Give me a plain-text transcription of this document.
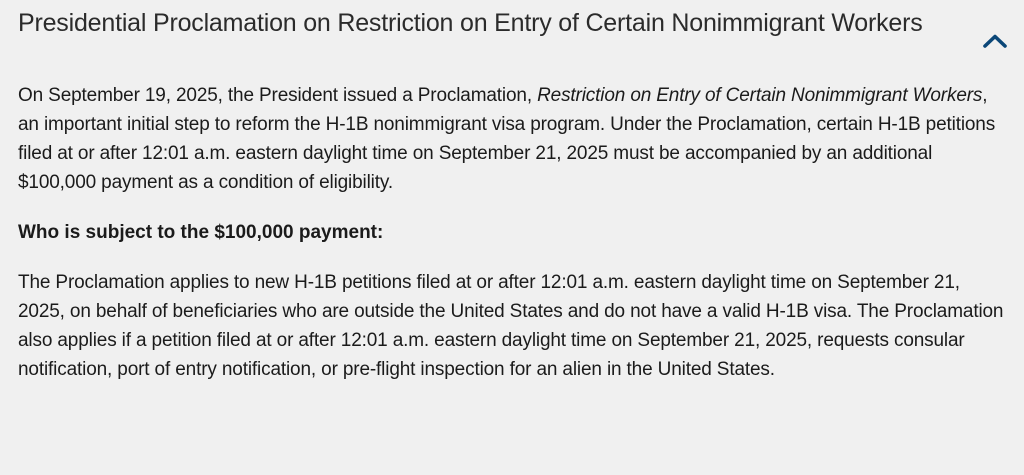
Presidential Proclamation on Restriction on Entry of Certain Nonimmigrant Workers

On September 19, 2025, the President issued a Proclamation, Restriction on Entry of Certain Nonimmigrant Workers, an important initial step to reform the H-1B nonimmigrant visa program. Under the Proclamation, certain H-1B petitions filed at or after 12:01 a.m. eastern daylight time on September 21, 2025 must be accompanied by an additional $100,000 payment as a condition of eligibility.

Who is subject to the $100,000 payment:

The Proclamation applies to new H-1B petitions filed at or after 12:01 a.m. eastern daylight time on September 21, 2025, on behalf of beneficiaries who are outside the United States and do not have a valid H-1B visa. The Proclamation also applies if a petition filed at or after 12:01 a.m. eastern daylight time on September 21, 2025, requests consular notification, port of entry notification, or pre-flight inspection for an alien in the United States.
